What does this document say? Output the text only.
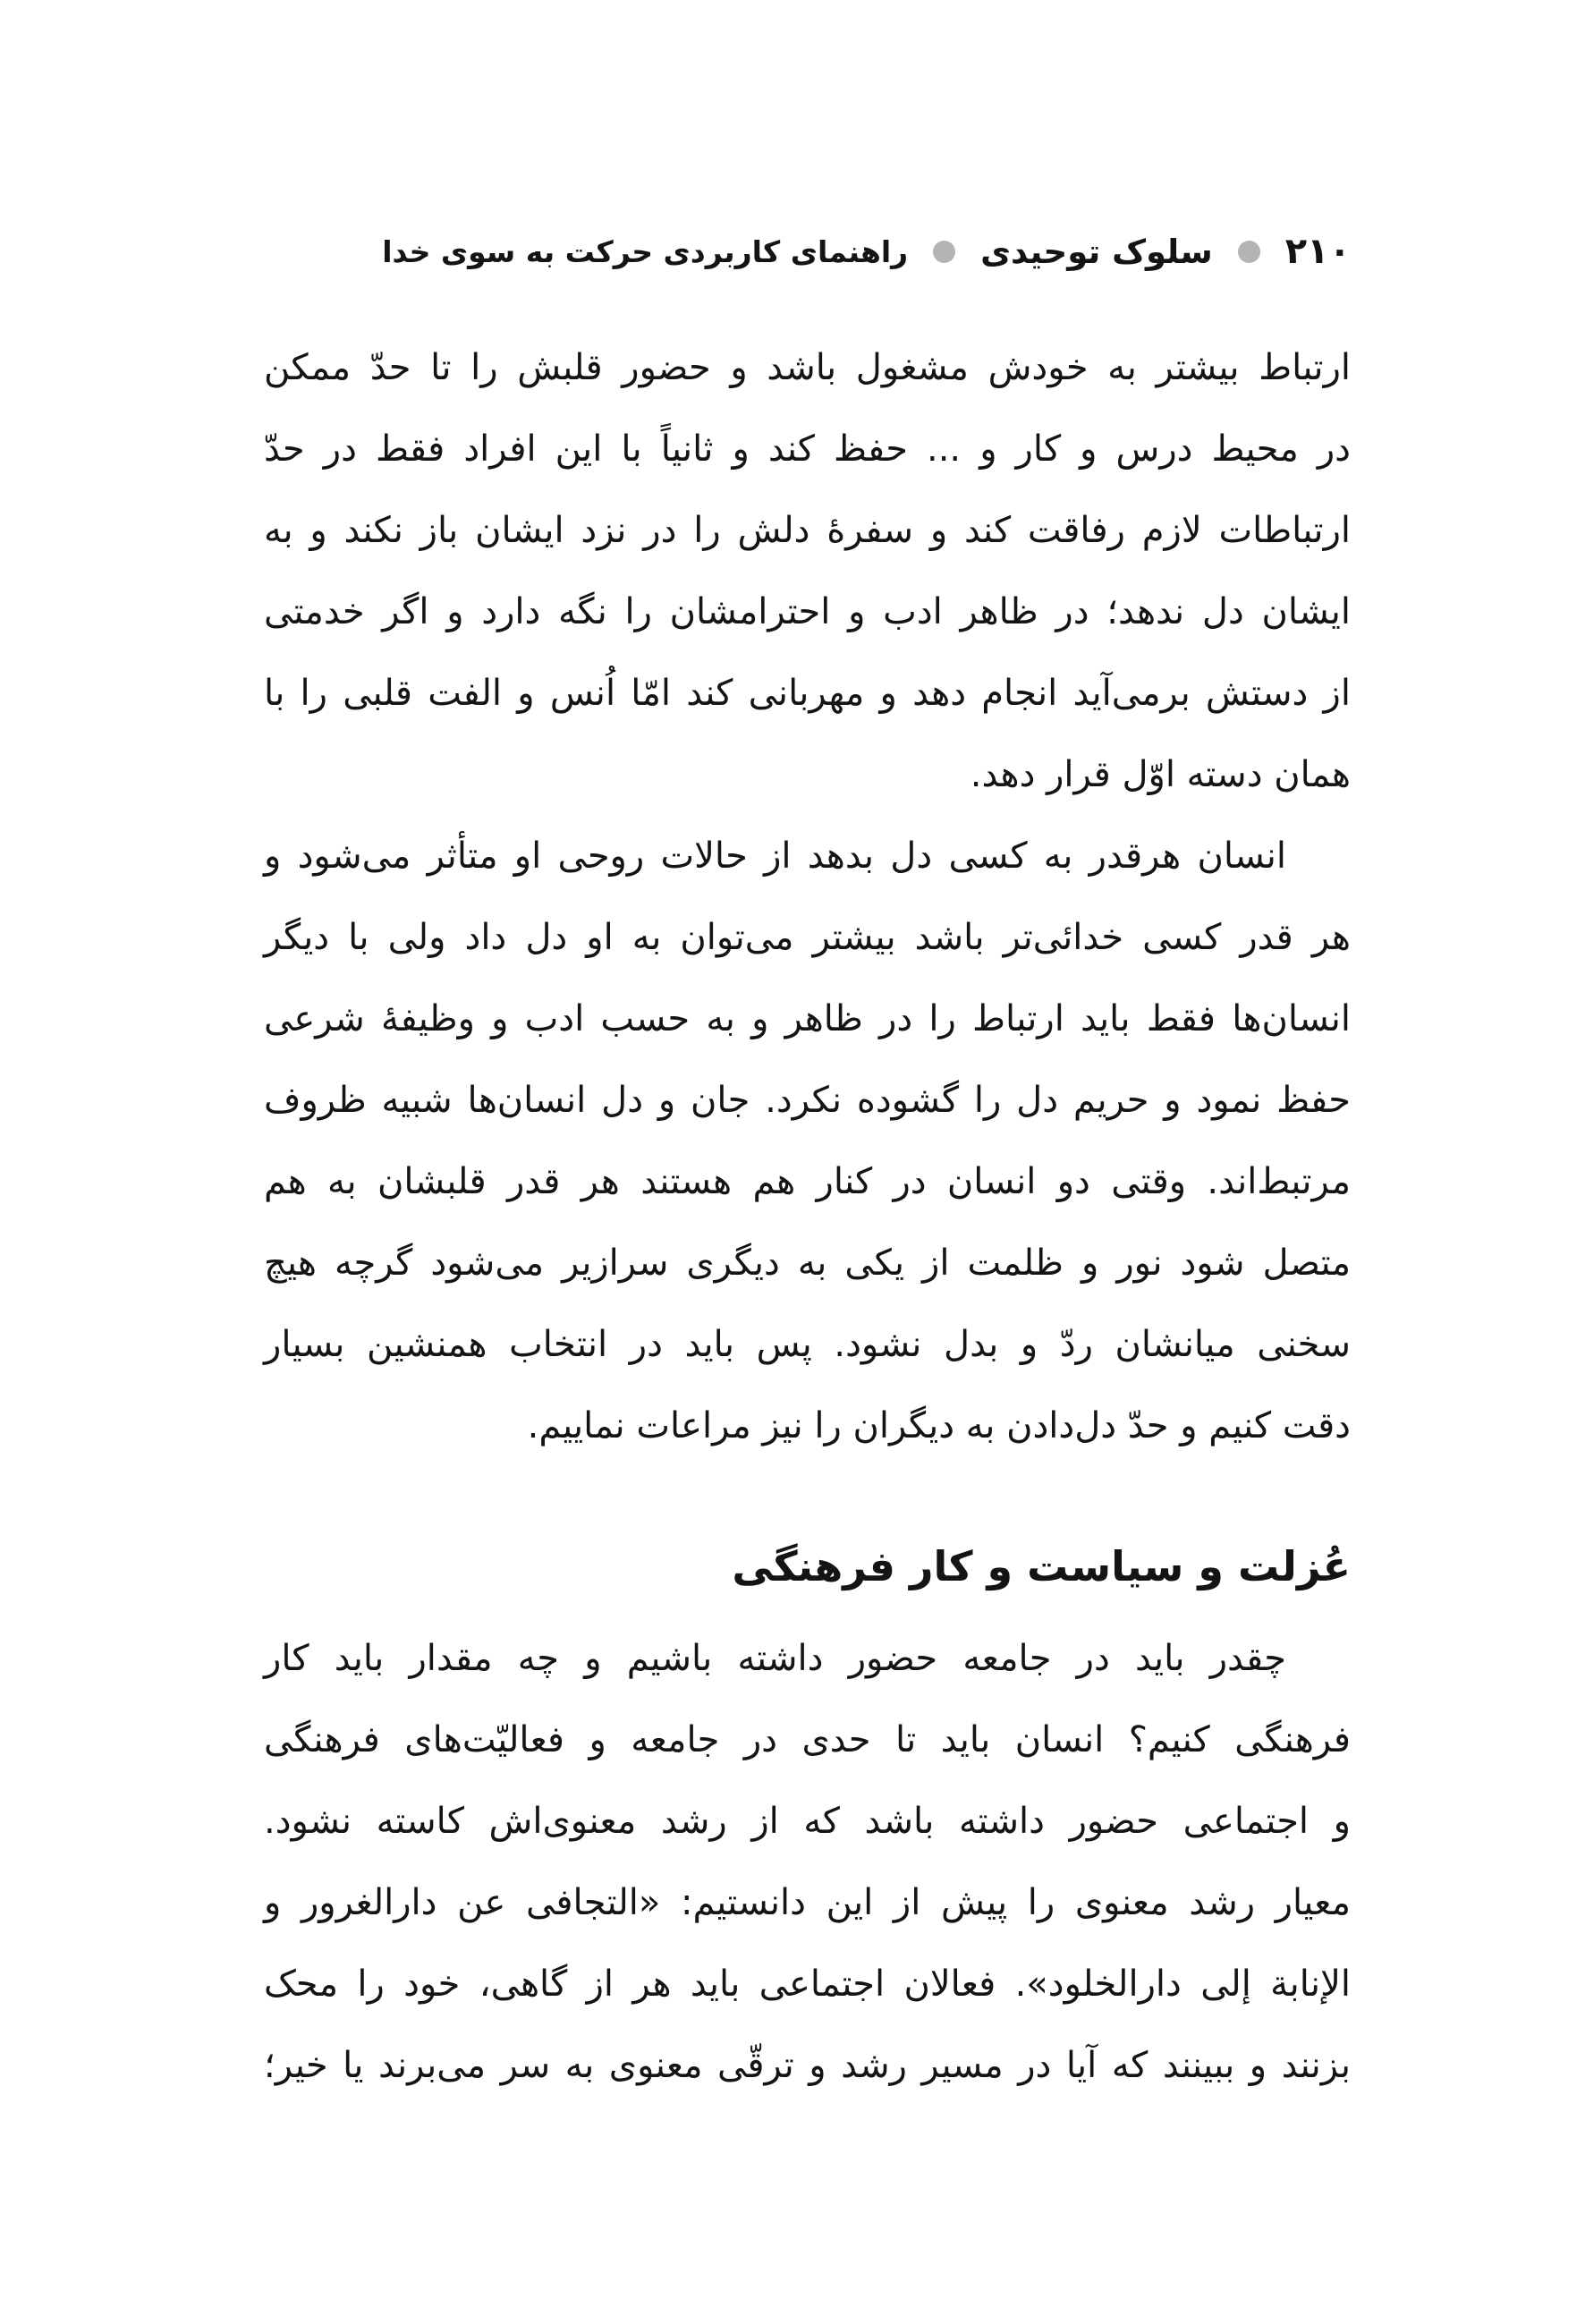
۲۱۰
سلوک توحیدی
راهنمای کاربردی حرکت به سوی خدا

ارتباط بیشتر به خودش مشغول باشد و حضور قلبش را تا حدّ ممکن
در محیط درس و کار و ... حفظ کند و ثانیاً با این افراد فقط در حدّ
ارتباطات لازم رفاقت کند و سفرهٔ دلش را در نزد ایشان باز نکند و به
ایشان دل ندهد؛ در ظاهر ادب و احترامشان را نگه دارد و اگر خدمتی
از دستش برمی‌آید انجام دهد و مهربانی کند امّا اُنس و الفت قلبی را با
همان دسته اوّل قرار دهد.

انسان هرقدر به کسی دل بدهد از حالات روحی او متأثر می‌شود و
هر قدر کسی خدائی‌تر باشد بیشتر می‌توان به او دل داد ولی با دیگر
انسان‌ها فقط باید ارتباط را در ظاهر و به حسب ادب و وظیفهٔ شرعی
حفظ نمود و حریم دل را گشوده نکرد. جان و دل انسان‌ها شبیه ظروف
مرتبط‌اند. وقتی دو انسان در کنار هم هستند هر قدر قلبشان به هم
متصل شود نور و ظلمت از یکی به دیگری سرازیر می‌شود گرچه هیچ
سخنی میانشان ردّ و بدل نشود. پس باید در انتخاب همنشین بسیار
دقت کنیم و حدّ دل‌دادن به دیگران را نیز مراعات نماییم.

عُزلت و سیاست و کار فرهنگی

چقدر باید در جامعه حضور داشته باشیم و چه مقدار باید کار
فرهنگی کنیم؟ انسان باید تا حدی در جامعه و فعالیّت‌های فرهنگی
و اجتماعی حضور داشته باشد که از رشد معنوی‌اش کاسته نشود.
معیار رشد معنوی را پیش از این دانستیم: «التجافی عن دارالغرور و
الإنابة إلی دارالخلود». فعالان اجتماعی باید هر از گاهی، خود را محک
بزنند و ببینند که آیا در مسیر رشد و ترقّی معنوی به سر می‌برند یا خیر؛
